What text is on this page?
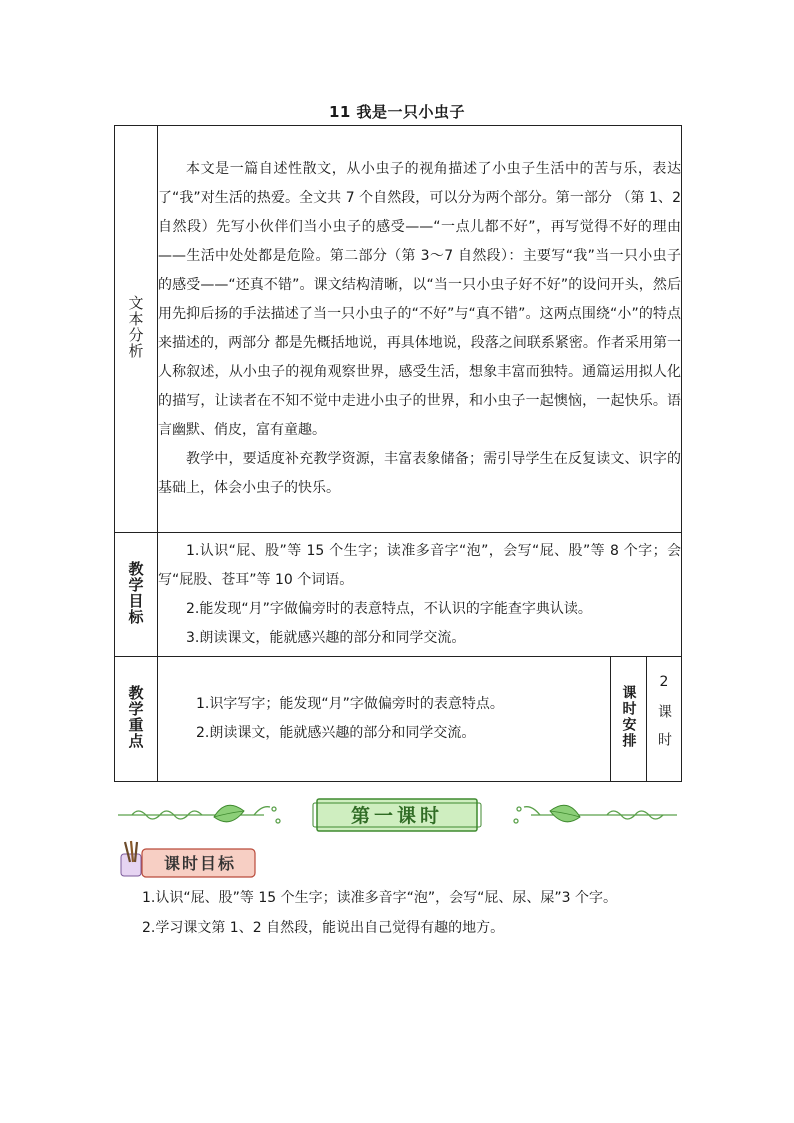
11 我是一只小虫子
文本分析	本文是一篇自述性散文，从小虫子的视角描述了小虫子生活中的苦与乐，表达了“我”对生活的热爱。全文共 7 个自然段，可以分为两个部分。第一部分 （第 1、2 自然段）先写小伙伴们当小虫子的感受——“一点儿都不好”，再写觉得不好的理由——生活中处处都是危险。第二部分（第 3～7 自然段）：主要写“我”当一只小虫子的感受——“还真不错”。课文结构清晰，以“当一只小虫子好不好”的设问开头，然后用先抑后扬的手法描述了当一只小虫子的“不好”与“真不错”。这两点围绕“小”的特点来描述的，两部分 都是先概括地说，再具体地说，段落之间联系紧密。作者采用第一人称叙述，从小虫子的视角观察世界，感受生活，想象丰富而独特。通篇运用拟人化的描写，让读者在不知不觉中走进小虫子的世界，和小虫子一起懊恼，一起快乐。语言幽默、俏皮，富有童趣。

教学中，要适度补充教学资源，丰富表象储备；需引导学生在反复读文、识字的基础上，体会小虫子的快乐。		

教学目标	1.认识“屁、股”等 15 个生字；读准多音字“泡”，会写“屁、股”等 8 个字；会写“屁股、苍耳”等 10 个词语。

2.能发现“月”字做偏旁时的表意特点，不认识的字能查字典认读。

3.朗读课文，能就感兴趣的部分和同学交流。		

教学重点	1.识字写字；能发现“月”字做偏旁时的表意特点。

2.朗读课文，能就感兴趣的部分和同学交流。	课时安排	2课时
第一课时
课时目标

1.认识“屁、股”等 15 个生字；读准多音字“泡”，会写“屁、尿、屎”3 个字。

2.学习课文第 1、2 自然段，能说出自己觉得有趣的地方。
